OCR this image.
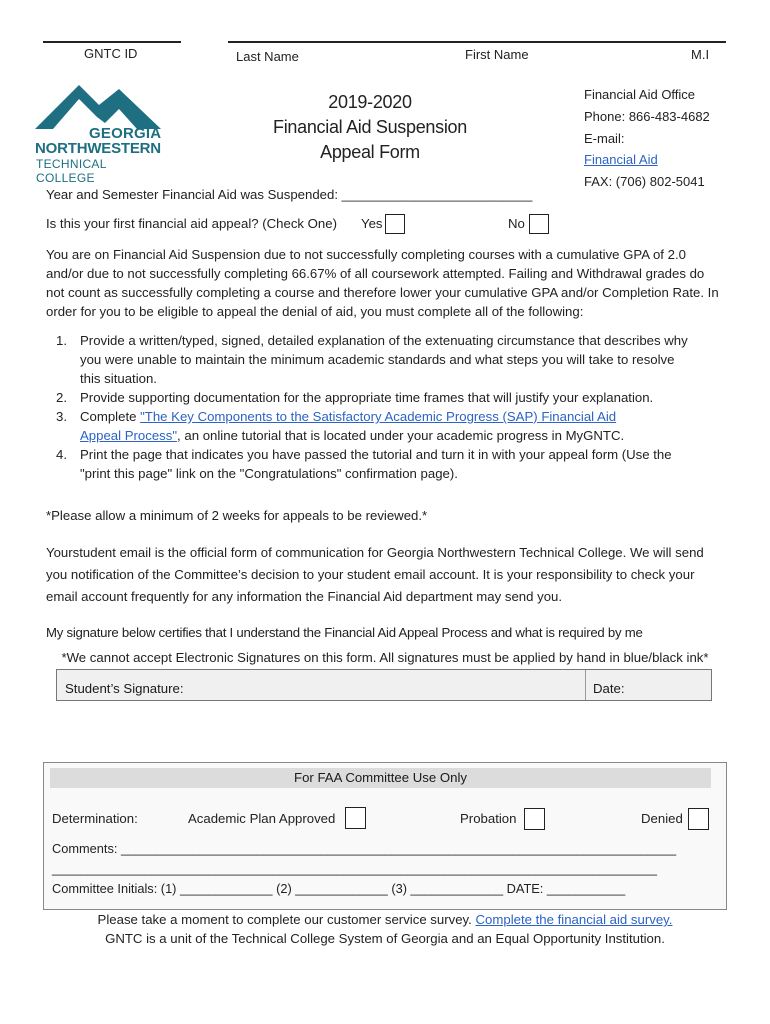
GNTC ID	Last Name	First Name	M.I
GEORGIA
NORTHWESTERN
TECHNICAL COLLEGE
2019-2020
Financial Aid Suspension
Appeal Form
Financial Aid Office
Phone: 866-483-4682
E-mail:
Financial Aid
FAX: (706) 802-5041
Year and Semester Financial Aid was Suspended: __________________________
Is this your first financial aid appeal? (Check One) Yes	No
You are on Financial Aid Suspension due to not successfully completing courses with a cumulative GPA of 2.0 and/or due to not successfully completing 66.67% of all coursework attempted. Failing and Withdrawal grades do not count as successfully completing a course and therefore lower your cumulative GPA and/or Completion Rate. In order for you to be eligible to appeal the denial of aid, you must complete all of the following:
1. Provide a written/typed, signed, detailed explanation of the extenuating circumstance that describes why you were unable to maintain the minimum academic standards and what steps you will take to resolve this situation.
2. Provide supporting documentation for the appropriate time frames that will justify your explanation.
3. Complete "The Key Components to the Satisfactory Academic Progress (SAP) Financial Aid Appeal Process", an online tutorial that is located under your academic progress in MyGNTC.
4. Print the page that indicates you have passed the tutorial and turn it in with your appeal form (Use the "print this page" link on the "Congratulations" confirmation page).
*Please allow a minimum of 2 weeks for appeals to be reviewed.*
Yourstudent email is the official form of communication for Georgia Northwestern Technical College. We will send you notification of the Committee’s decision to your student email account. It is your responsibility to check your email account frequently for any information the Financial Aid department may send you.
My signature below certifies that I understand the Financial Aid Appeal Process and what is required by me
*We cannot accept Electronic Signatures on this form. All signatures must be applied by hand in blue/black ink*
Student’s Signature:	Date:
For FAA Committee Use Only
Determination:	Academic Plan Approved	Probation	Denied
Comments: ______________________________________________________________________________
_____________________________________________________________________________________
Committee Initials: (1) _____________ (2) _____________ (3) _____________ DATE: ___________
Please take a moment to complete our customer service survey. Complete the financial aid survey.
GNTC is a unit of the Technical College System of Georgia and an Equal Opportunity Institution.
